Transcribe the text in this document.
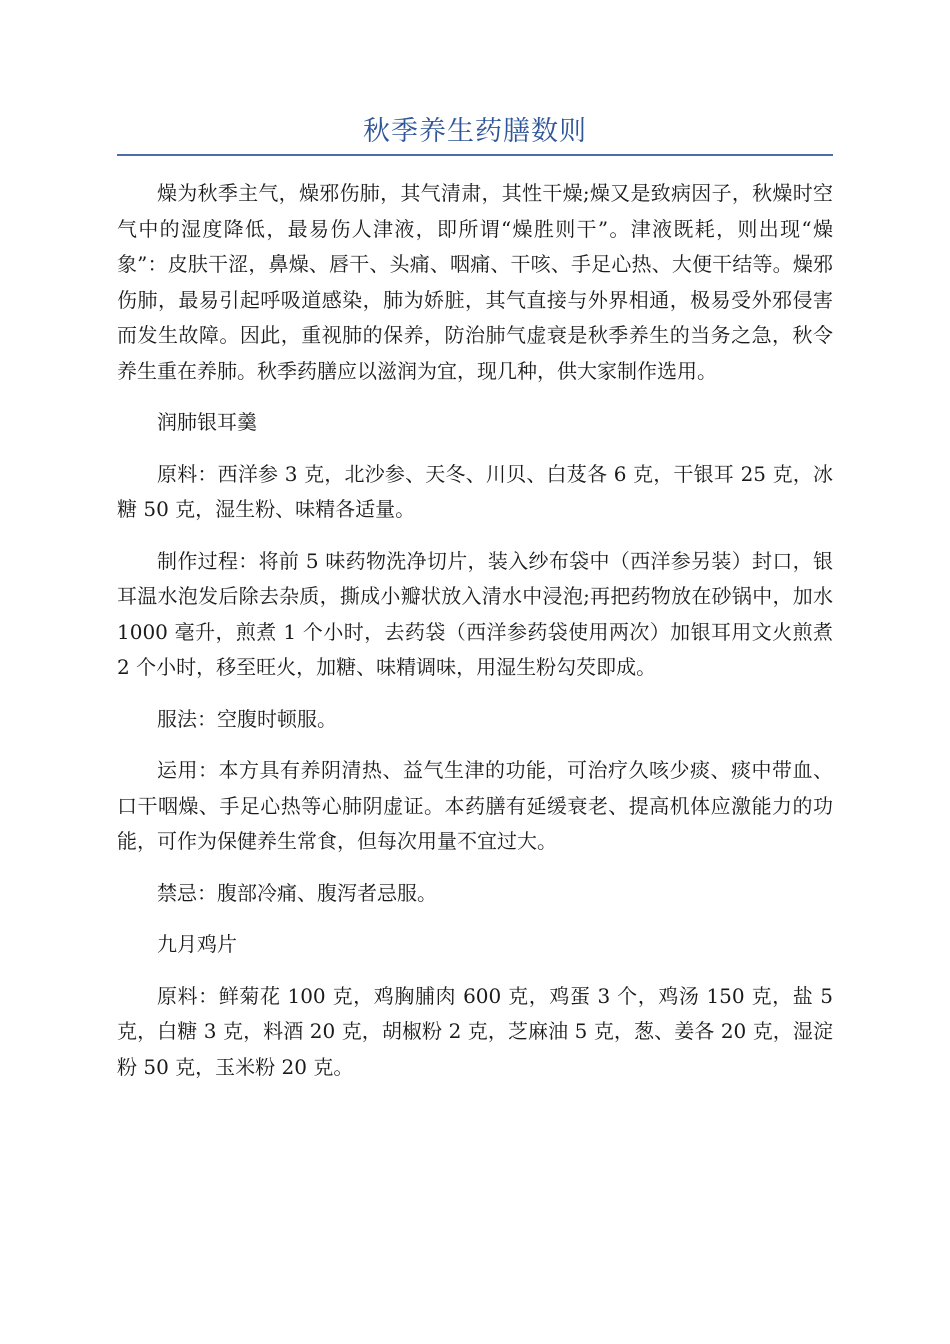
秋季养生药膳数则

燥为秋季主气，燥邪伤肺，其气清肃，其性干燥;燥又是致病因子，秋燥时空气中的湿度降低，最易伤人津液，即所谓“燥胜则干”。津液既耗，则出现“燥象”：皮肤干涩，鼻燥、唇干、头痛、咽痛、干咳、手足心热、大便干结等。燥邪伤肺，最易引起呼吸道感染，肺为娇脏，其气直接与外界相通，极易受外邪侵害而发生故障。因此，重视肺的保养，防治肺气虚衰是秋季养生的当务之急，秋令养生重在养肺。秋季药膳应以滋润为宜，现几种，供大家制作选用。

润肺银耳羹

原料：西洋参 3 克，北沙参、天冬、川贝、白芨各 6 克，干银耳 25 克，冰糖 50 克，湿生粉、味精各适量。

制作过程：将前 5 味药物洗净切片，装入纱布袋中（西洋参另装）封口，银耳温水泡发后除去杂质，撕成小瓣状放入清水中浸泡;再把药物放在砂锅中，加水 1000 毫升，煎煮 1 个小时，去药袋（西洋参药袋使用两次）加银耳用文火煎煮 2 个小时，移至旺火，加糖、味精调味，用湿生粉勾芡即成。

服法：空腹时顿服。

运用：本方具有养阴清热、益气生津的功能，可治疗久咳少痰、痰中带血、口干咽燥、手足心热等心肺阴虚证。本药膳有延缓衰老、提高机体应激能力的功能，可作为保健养生常食，但每次用量不宜过大。

禁忌：腹部冷痛、腹泻者忌服。

九月鸡片

原料：鲜菊花 100 克，鸡胸脯肉 600 克，鸡蛋 3 个，鸡汤 150 克，盐 5 克，白糖 3 克，料酒 20 克，胡椒粉 2 克，芝麻油 5 克，葱、姜各 20 克，湿淀粉 50 克，玉米粉 20 克。
